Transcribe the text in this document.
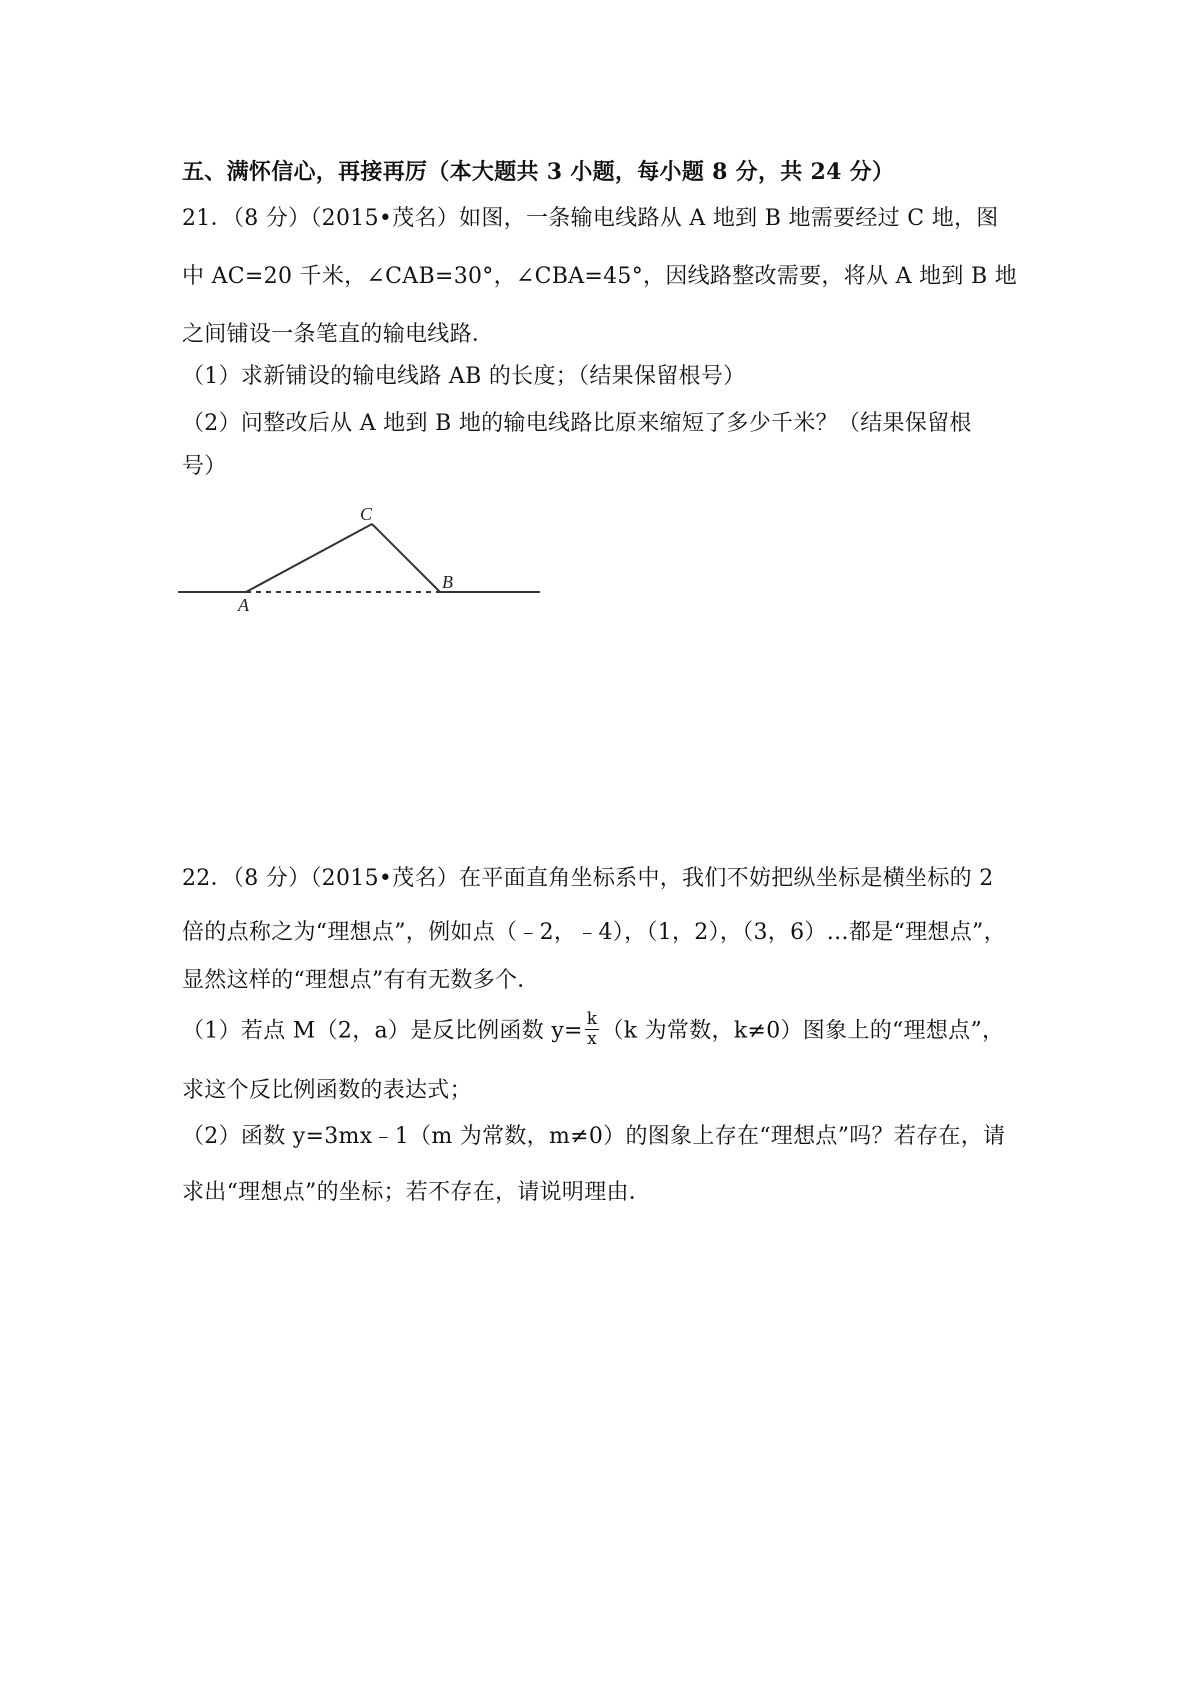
五、满怀信心，再接再厉（本大题共 3 小题，每小题 8 分，共 24 分）
21．（8 分）（2015•茂名）如图，一条输电线路从 A 地到 B 地需要经过 C 地，图
中 AC=20 千米，∠CAB=30°，∠CBA=45°，因线路整改需要，将从 A 地到 B 地
之间铺设一条笔直的输电线路．
（1）求新铺设的输电线路 AB 的长度；（结果保留根号）
（2）问整改后从 A 地到 B 地的输电线路比原来缩短了多少千米？（结果保留根
号）
A
C
B
22．（8 分）（2015•茂名）在平面直角坐标系中，我们不妨把纵坐标是横坐标的 2
倍的点称之为“理想点”，例如点（﹣2，﹣4），（1，2），（3，6）…都是“理想点”，
显然这样的“理想点”有有无数多个．
（1）若点 M（2，a）是反比例函数 $y= \frac{k}{x} (k$ 为常数，k≠0）图象上的“理想点”，
求这个反比例函数的表达式；
（2）函数 y=3mx﹣1（m 为常数，m≠0）的图象上存在“理想点”吗？若存在，请
求出“理想点”的坐标；若不存在，请说明理由．
